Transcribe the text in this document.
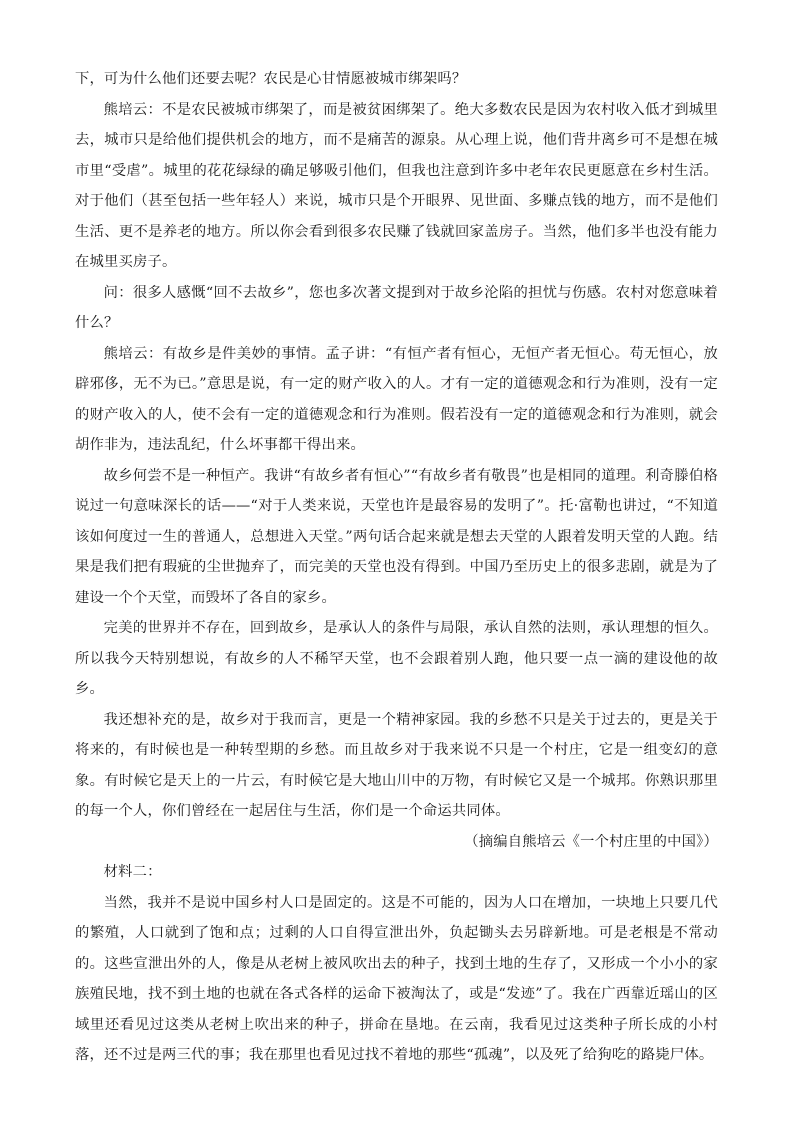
下，可为什么他们还要去呢？农民是心甘情愿被城市绑架吗？

熊培云：不是农民被城市绑架了，而是被贫困绑架了。绝大多数农民是因为农村收入低才到城里去，城市只是给他们提供机会的地方，而不是痛苦的源泉。从心理上说，他们背井离乡可不是想在城市里“受虐”。城里的花花绿绿的确足够吸引他们，但我也注意到许多中老年农民更愿意在乡村生活。对于他们（甚至包括一些年轻人）来说，城市只是个开眼界、见世面、多赚点钱的地方，而不是他们生活、更不是养老的地方。所以你会看到很多农民赚了钱就回家盖房子。当然，他们多半也没有能力在城里买房子。

问：很多人感慨“回不去故乡”，您也多次著文提到对于故乡沦陷的担忧与伤感。农村对您意味着什么？

熊培云：有故乡是件美妙的事情。孟子讲：“有恒产者有恒心，无恒产者无恒心。苟无恒心，放辟邪侈，无不为已。”意思是说，有一定的财产收入的人。才有一定的道德观念和行为准则，没有一定的财产收入的人，使不会有一定的道德观念和行为准则。假若没有一定的道德观念和行为准则，就会胡作非为，违法乱纪，什么坏事都干得出来。

故乡何尝不是一种恒产。我讲“有故乡者有恒心”“有故乡者有敬畏”也是相同的道理。利奇滕伯格说过一句意味深长的话——“对于人类来说，天堂也许是最容易的发明了”。托·富勒也讲过，“不知道该如何度过一生的普通人，总想进入天堂。”两句话合起来就是想去天堂的人跟着发明天堂的人跑。结果是我们把有瑕疵的尘世抛弃了，而完美的天堂也没有得到。中国乃至历史上的很多悲剧，就是为了建设一个个天堂，而毁坏了各自的家乡。

完美的世界并不存在，回到故乡，是承认人的条件与局限，承认自然的法则，承认理想的恒久。所以我今天特别想说，有故乡的人不稀罕天堂，也不会跟着别人跑，他只要一点一滴的建设他的故乡。

我还想补充的是，故乡对于我而言，更是一个精神家园。我的乡愁不只是关于过去的，更是关于将来的，有时候也是一种转型期的乡愁。而且故乡对于我来说不只是一个村庄，它是一组变幻的意象。有时候它是天上的一片云，有时候它是大地山川中的万物，有时候它又是一个城邦。你熟识那里的每一个人，你们曾经在一起居住与生活，你们是一个命运共同体。

（摘编自熊培云《一个村庄里的中国》）

材料二：

当然，我并不是说中国乡村人口是固定的。这是不可能的，因为人口在增加，一块地上只要几代的繁殖，人口就到了饱和点；过剩的人口自得宣泄出外，负起锄头去另辟新地。可是老根是不常动的。这些宣泄出外的人，像是从老树上被风吹出去的种子，找到土地的生存了，又形成一个小小的家族殖民地，找不到土地的也就在各式各样的运命下被淘汰了，或是“发迹”了。我在广西靠近瑶山的区域里还看见过这类从老树上吹出来的种子，拼命在垦地。在云南，我看见过这类种子所长成的小村落，还不过是两三代的事；我在那里也看见过找不着地的那些“孤魂”，以及死了给狗吃的路毙尸体。
